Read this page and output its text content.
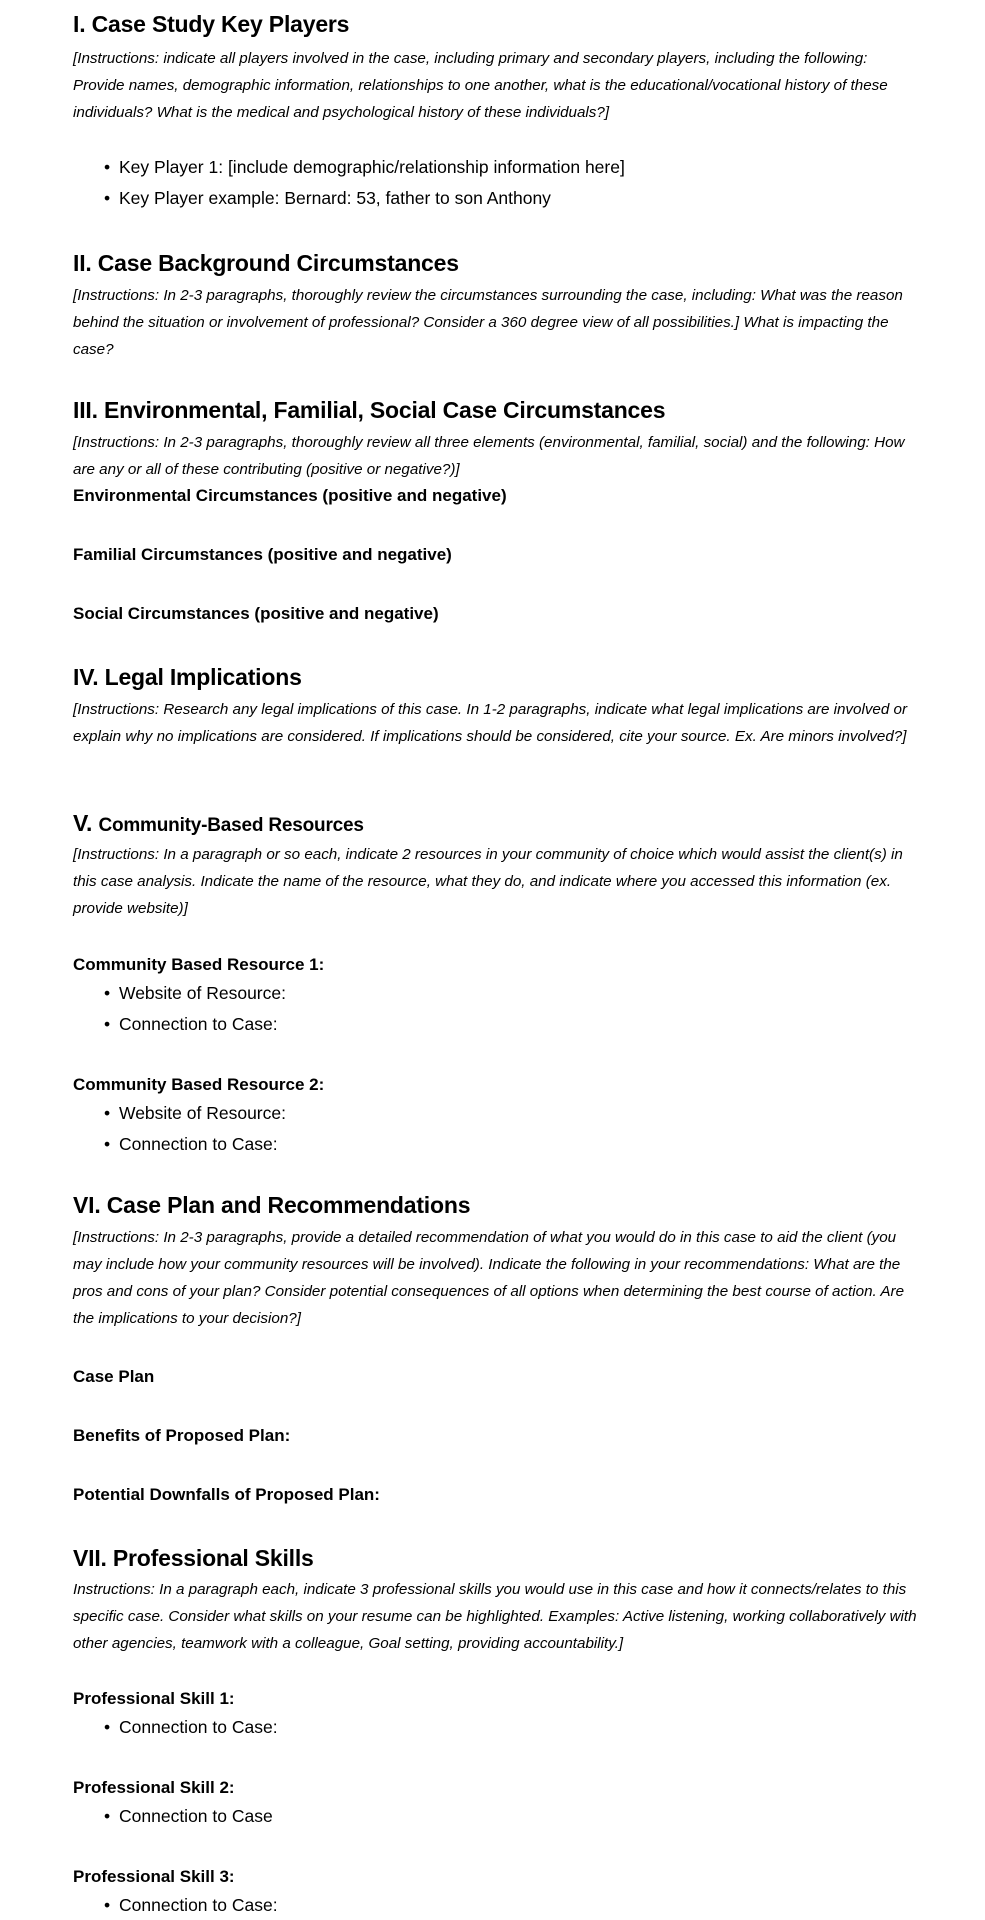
I. Case Study Key Players
[Instructions: indicate all players involved in the case, including primary and secondary players, including the following: Provide names, demographic information, relationships to one another, what is the educational/vocational history of these individuals? What is the medical and psychological history of these individuals?]
• Key Player 1: [include demographic/relationship information here]
• Key Player example: Bernard: 53, father to son Anthony
II. Case Background Circumstances
[Instructions: In 2-3 paragraphs, thoroughly review the circumstances surrounding the case, including: What was the reason behind the situation or involvement of professional? Consider a 360 degree view of all possibilities.] What is impacting the case?
III. Environmental, Familial, Social Case Circumstances
[Instructions: In 2-3 paragraphs, thoroughly review all three elements (environmental, familial, social) and the following: How are any or all of these contributing (positive or negative?)]
Environmental Circumstances (positive and negative)
Familial Circumstances (positive and negative)
Social Circumstances (positive and negative)
IV. Legal Implications
[Instructions: Research any legal implications of this case. In 1-2 paragraphs, indicate what legal implications are involved or explain why no implications are considered. If implications should be considered, cite your source. Ex. Are minors involved?]
V. Community-Based Resources
[Instructions: In a paragraph or so each, indicate 2 resources in your community of choice which would assist the client(s) in this case analysis. Indicate the name of the resource, what they do, and indicate where you accessed this information (ex. provide website)]
Community Based Resource 1:
• Website of Resource:
• Connection to Case:
Community Based Resource 2:
• Website of Resource:
• Connection to Case:
VI. Case Plan and Recommendations
[Instructions: In 2-3 paragraphs, provide a detailed recommendation of what you would do in this case to aid the client (you may include how your community resources will be involved). Indicate the following in your recommendations: What are the pros and cons of your plan? Consider potential consequences of all options when determining the best course of action. Are the implications to your decision?]
Case Plan
Benefits of Proposed Plan:
Potential Downfalls of Proposed Plan:
VII. Professional Skills
Instructions: In a paragraph each, indicate 3 professional skills you would use in this case and how it connects/relates to this specific case. Consider what skills on your resume can be highlighted. Examples: Active listening, working collaboratively with other agencies, teamwork with a colleague, Goal setting, providing accountability.]
Professional Skill 1:
• Connection to Case:
Professional Skill 2:
• Connection to Case
Professional Skill 3:
• Connection to Case:
